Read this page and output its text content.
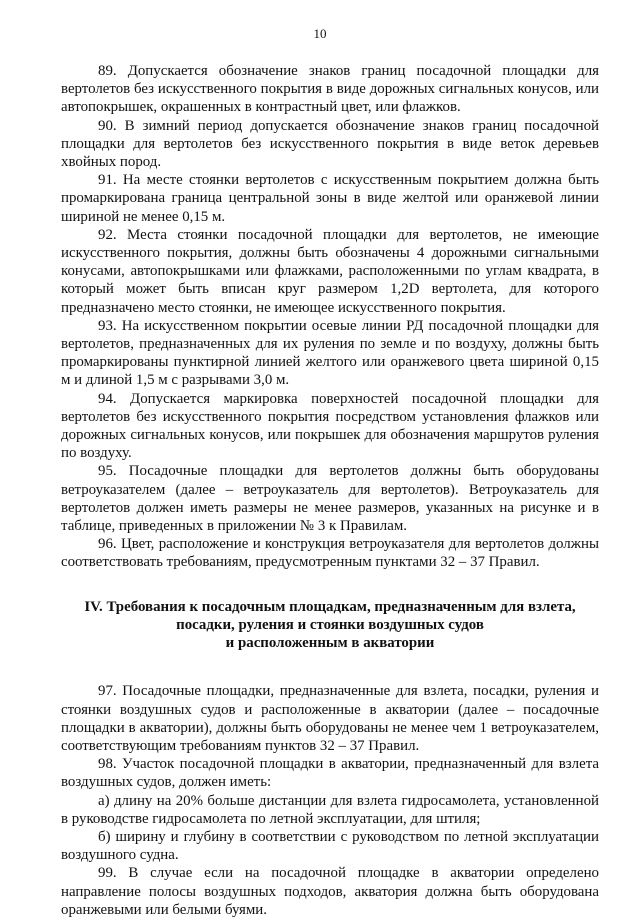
10

89. Допускается обозначение знаков границ посадочной площадки для вертолетов без искусственного покрытия в виде дорожных сигнальных конусов, или автопокрышек, окрашенных в контрастный цвет, или флажков.

90. В зимний период допускается обозначение знаков границ посадочной площадки для вертолетов без искусственного покрытия в виде веток деревьев хвойных пород.

91. На месте стоянки вертолетов с искусственным покрытием должна быть промаркирована граница центральной зоны в виде желтой или оранжевой линии шириной не менее 0,15 м.

92. Места стоянки посадочной площадки для вертолетов, не имеющие искусственного покрытия, должны быть обозначены 4 дорожными сигнальными конусами, автопокрышками или флажками, расположенными по углам квадрата, в который может быть вписан круг размером 1,2D вертолета, для которого предназначено место стоянки, не имеющее искусственного покрытия.

93. На искусственном покрытии осевые линии РД посадочной площадки для вертолетов, предназначенных для их руления по земле и по воздуху, должны быть промаркированы пунктирной линией желтого или оранжевого цвета шириной 0,15 м и длиной 1,5 м с разрывами 3,0 м.

94. Допускается маркировка поверхностей посадочной площадки для вертолетов без искусственного покрытия посредством установления флажков или дорожных сигнальных конусов, или покрышек для обозначения маршрутов руления по воздуху.

95. Посадочные площадки для вертолетов должны быть оборудованы ветроуказателем (далее – ветроуказатель для вертолетов). Ветроуказатель для вертолетов должен иметь размеры не менее размеров, указанных на рисунке и в таблице, приведенных в приложении № 3 к Правилам.

96. Цвет, расположение и конструкция ветроуказателя для вертолетов должны соответствовать требованиям, предусмотренным пунктами 32 – 37 Правил.

IV. Требования к посадочным площадкам, предназначенным для взлета,
посадки, руления и стоянки воздушных судов
и расположенным в акватории

97. Посадочные площадки, предназначенные для взлета, посадки, руления и стоянки воздушных судов и расположенные в акватории (далее – посадочные площадки в акватории), должны быть оборудованы не менее чем 1 ветроуказателем, соответствующим требованиям пунктов 32 – 37 Правил.

98. Участок посадочной площадки в акватории, предназначенный для взлета воздушных судов, должен иметь:

а) длину на 20% больше дистанции для взлета гидросамолета, установленной в руководстве гидросамолета по летной эксплуатации, для штиля;

б) ширину и глубину в соответствии с руководством по летной эксплуатации воздушного судна.

99. В случае если на посадочной площадке в акватории определено направление полосы воздушных подходов, акватория должна быть оборудована оранжевыми или белыми буями.
